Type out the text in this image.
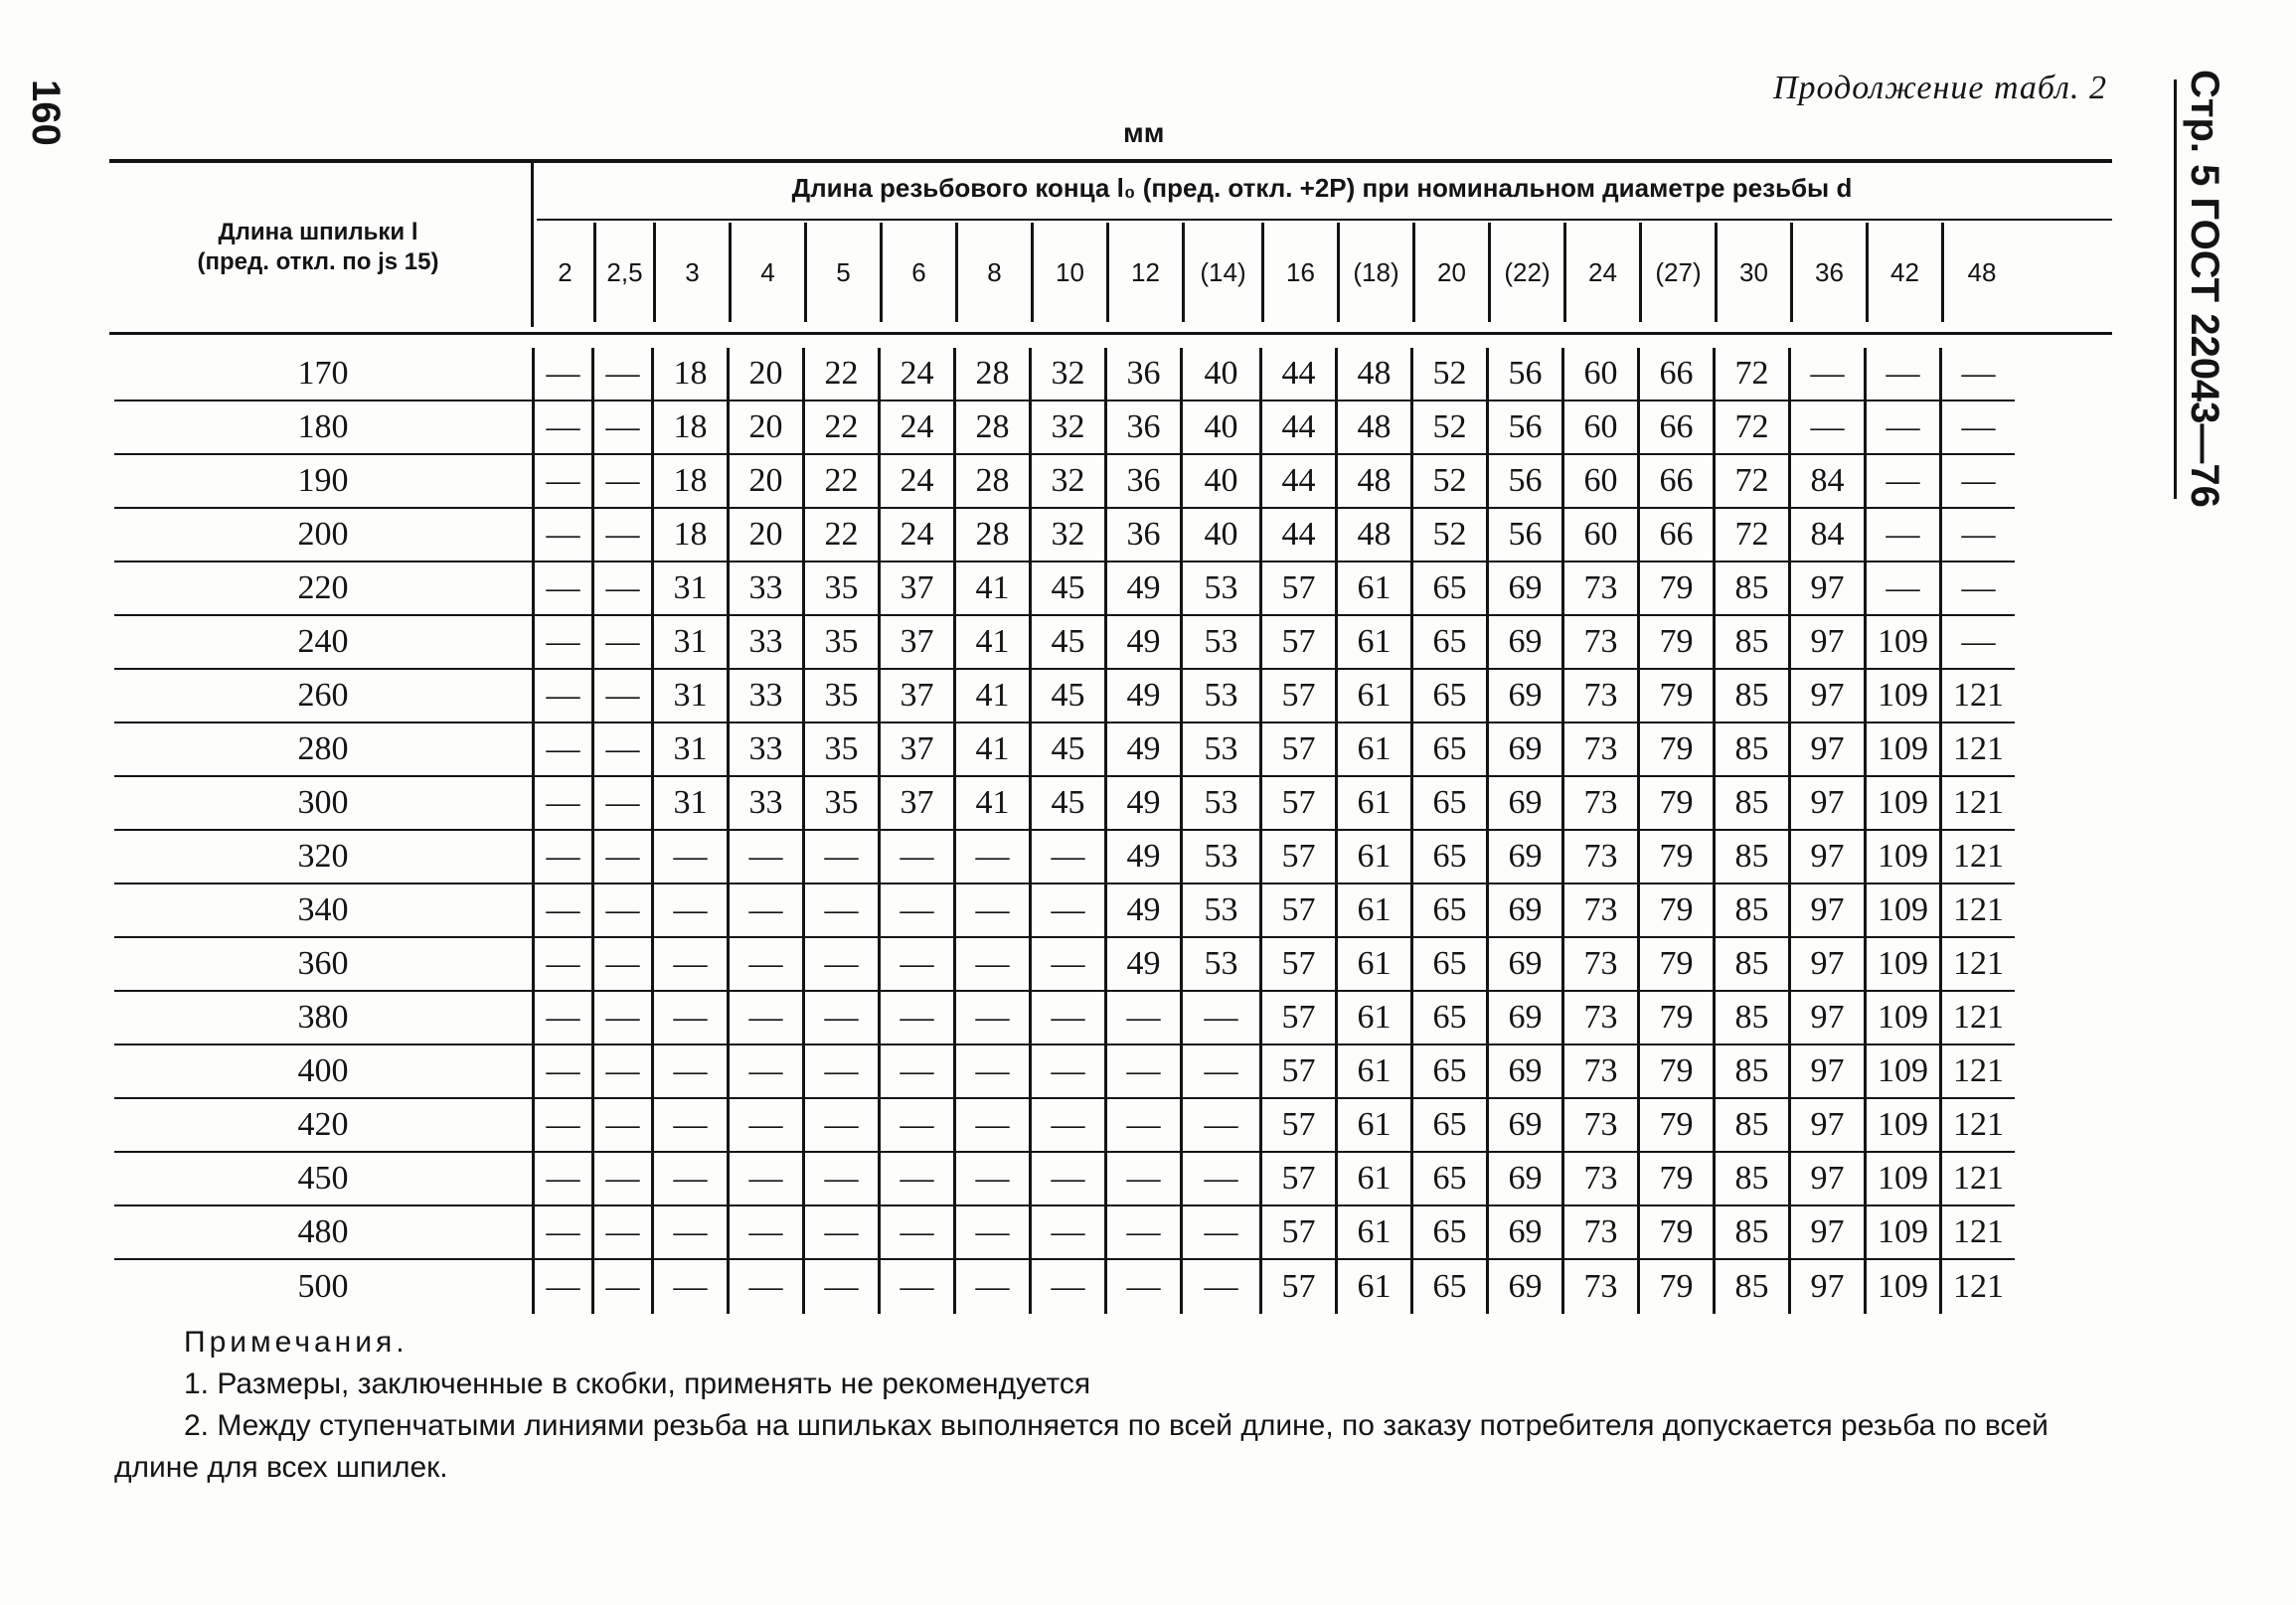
160	Стр. 5 ГОСТ 22043—76
Продолжение табл. 2
мм
Длина шпильки l
(пред. откл. по js 15)
Длина резьбового конца l₀ (пред. откл. +2P) при номинальном диаметре резьбы d
2	2,5	3	4	5	6	8	10	12	(14)	16	(18)	20	(22)	24	(27)	30	36	42	48
170	— —	18	20	22	24	28	32	36	40	44	48	52	56	60	66	72	—	—	—
180	— —	18	20	22	24	28	32	36	40	44	48	52	56	60	66	72	—	—	—
190	— —	18	20	22	24	28	32	36	40	44	48	52	56	60	66	72	84	—	—
200	— —	18	20	22	24	28	32	36	40	44	48	52	56	60	66	72	84	—	—
220	— —	31	33	35	37	41	45	49	53	57	61	65	69	73	79	85	97	—	—
240	— —	31	33	35	37	41	45	49	53	57	61	65	69	73	79	85	97 109 —
260	— —	31	33	35	37	41	45	49	53	57	61	65	69	73	79	85	97 109 121
280	— —	31	33	35	37	41	45	49	53	57	61	65	69	73	79	85	97 109 121
300	— —	31	33	35	37	41	45	49	53	57	61	65	69	73	79	85	97 109 121
320	— —	—	—	—	—	—	—	49	53	57	61	65	69	73	79	85	97 109 121
340	— —	—	—	—	—	—	—	49	53	57	61	65	69	73	79	85	97 109 121
360	— —	—	—	—	—	—	—	49	53	57	61	65	69	73	79	85	97 109 121
380	— —	—	—	—	—	—	—	—	—	57	61	65	69	73	79	85	97 109 121
400	— —	—	—	—	—	—	—	—	—	57	61	65	69	73	79	85	97 109 121
420	— —	—	—	—	—	—	—	—	—	57	61	65	69	73	79	85	97 109 121
450	— —	—	—	—	—	—	—	—	—	57	61	65	69	73	79	85	97 109 121
480	— —	—	—	—	—	—	—	—	—	57	61	65	69	73	79	85	97 109 121
500	— —	—	—	—	—	—	—	—	—	57	61	65	69	73	79	85	97 109 121
Примечания.
1. Размеры, заключенные в скобки, применять не рекомендуется
2. Между ступенчатыми линиями резьба на шпильках выполняется по всей длине, по заказу потребителя допускается резьба по всей длине для всех шпилек.
